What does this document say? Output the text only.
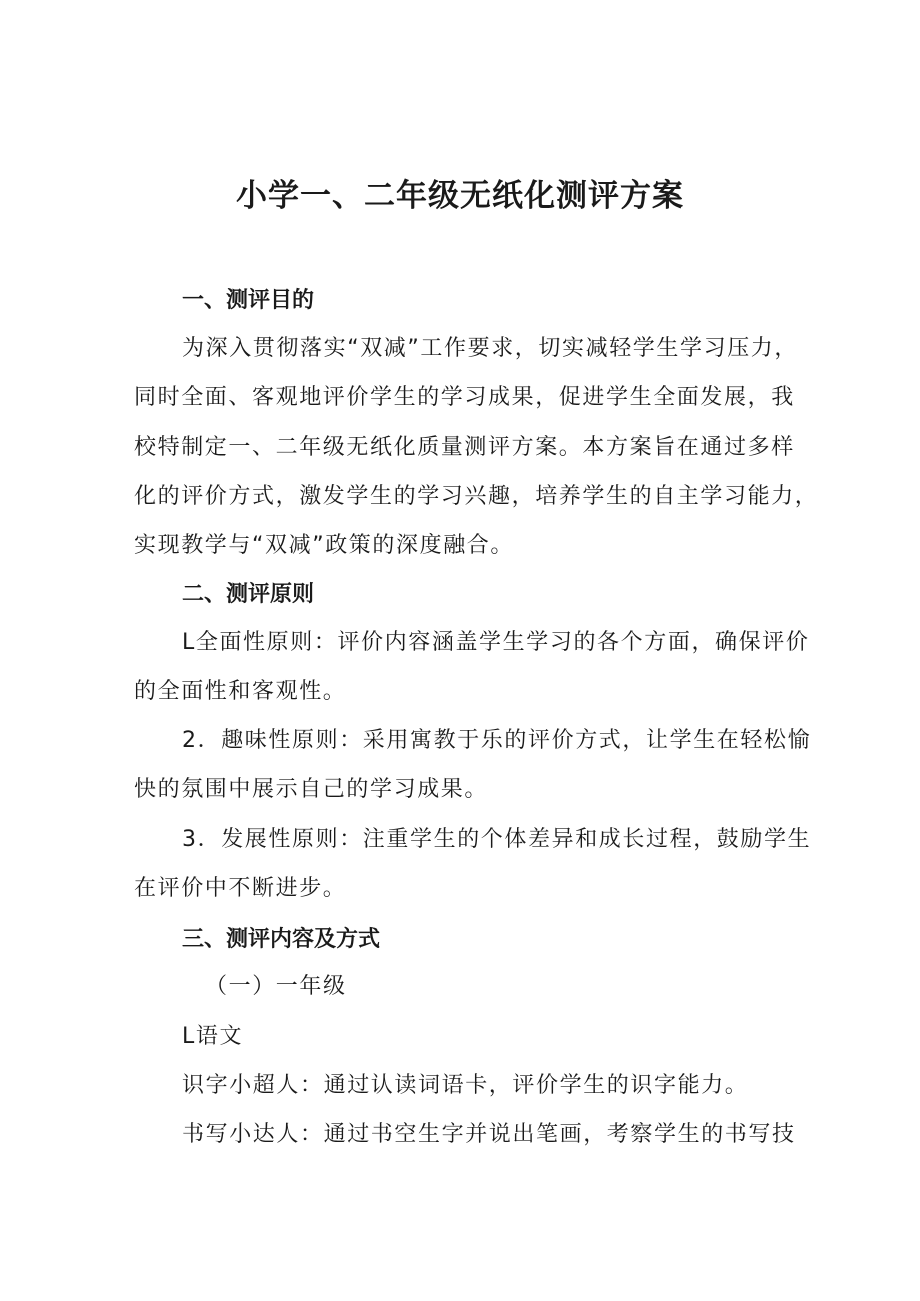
小学一、二年级无纸化测评方案
一、测评目的
为深入贯彻落实“双减”工作要求，切实减轻学生学习压力，
同时全面、客观地评价学生的学习成果，促进学生全面发展，我
校特制定一、二年级无纸化质量测评方案。本方案旨在通过多样
化的评价方式，激发学生的学习兴趣，培养学生的自主学习能力，
实现教学与“双减”政策的深度融合。
二、测评原则
L全面性原则：评价内容涵盖学生学习的各个方面，确保评价
的全面性和客观性。
2．趣味性原则：采用寓教于乐的评价方式，让学生在轻松愉
快的氛围中展示自己的学习成果。
3．发展性原则：注重学生的个体差异和成长过程，鼓励学生
在评价中不断进步。
三、测评内容及方式
（一）一年级
L语文
识字小超人：通过认读词语卡，评价学生的识字能力。
书写小达人：通过书空生字并说出笔画，考察学生的书写技
